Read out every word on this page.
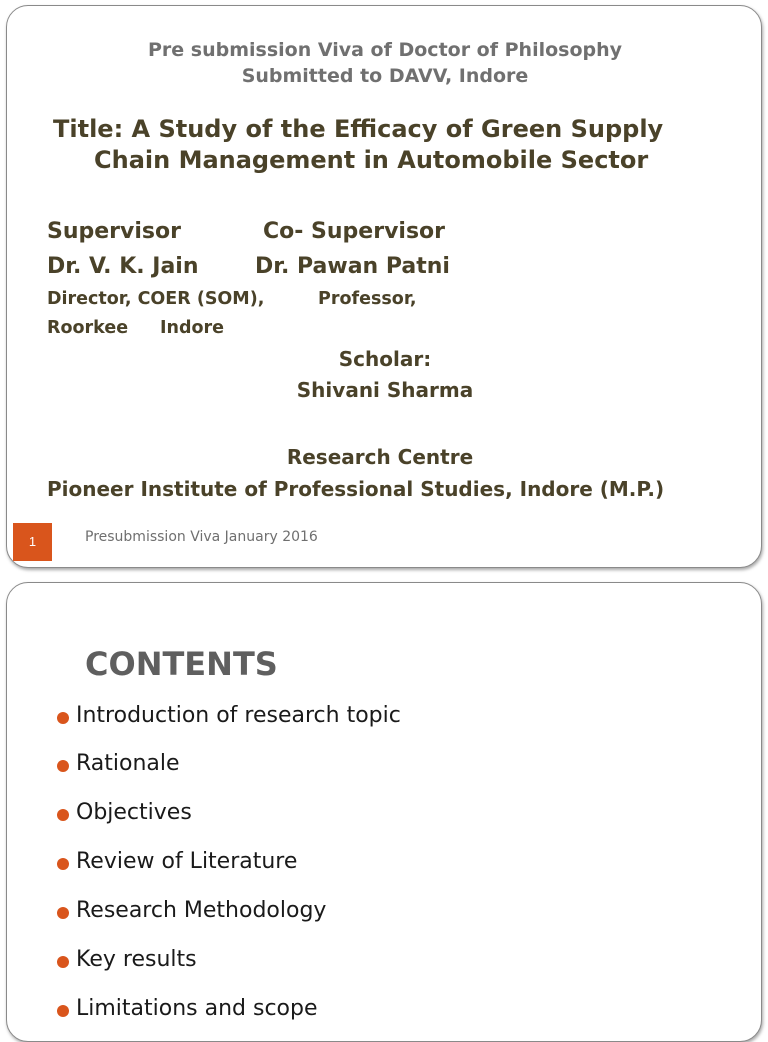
Pre submission Viva of Doctor of Philosophy

Submitted to DAVV, Indore

Title: A Study of the Efficacy of Green Supply

Chain Management in Automobile Sector

Supervisor	Co- Supervisor

Dr. V. K. Jain	Dr. Pawan Patni

Director, COER (SOM),	Professor,

Roorkee Indore

Scholar:

Shivani Sharma

Research Centre

Pioneer Institute of Professional Studies, Indore (M.P.)

1	Presubmission Viva January 2016
CONTENTS
Introduction of research topic
Rationale
Objectives
Review of Literature
Research Methodology
Key results
Limitations and scope
